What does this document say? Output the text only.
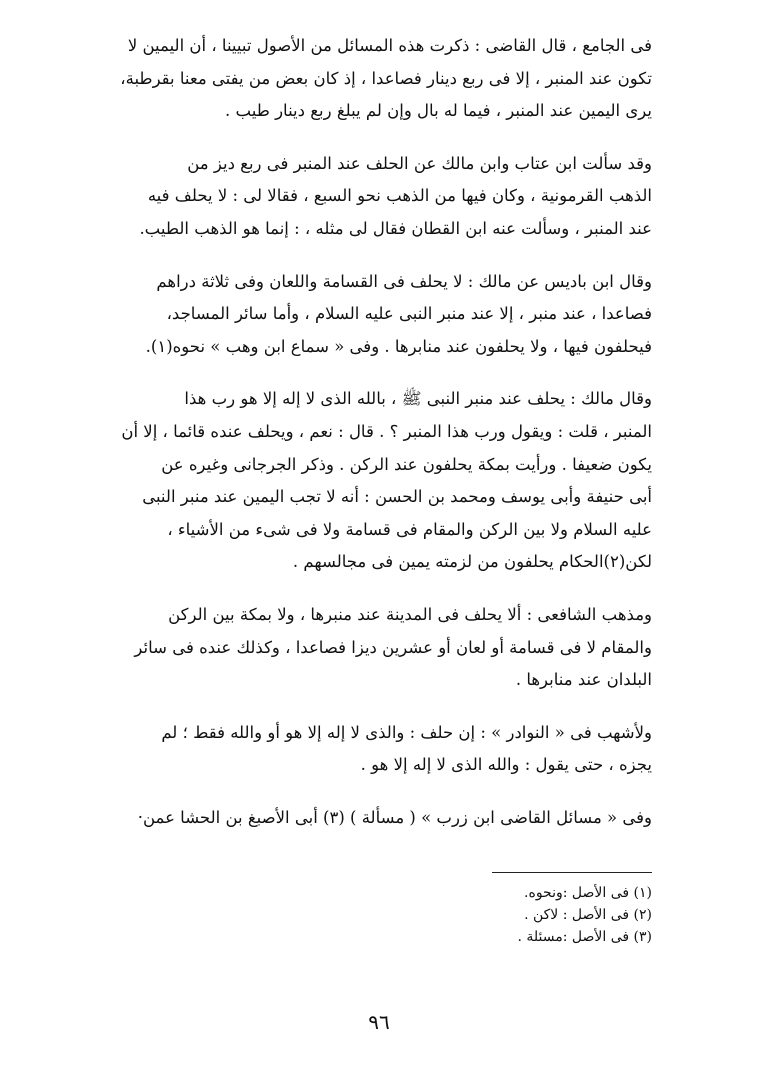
فى الجامع ، قال القاضى : ذكرت هذه المسائل من الأصول تبيينا ، أن اليمين لا
تكون عند المنبر ، إلا فى ربع دينار فصاعدا ، إذ كان بعض من يفتى معنا بقرطبة،
يرى اليمين عند المنبر ، فيما له بال وإن لم يبلغ ربع دينار طيب .
وقد سألت ابن عتاب وابن مالك عن الحلف عند المنبر فى ربع ديز من
الذهب القرمونية ، وكان فيها من الذهب نحو السبع ، فقالا لى : لا يحلف فيه
عند المنبر ، وسألت عنه ابن القطان فقال لى مثله ، : إنما هو الذهب الطيب.
وقال ابن باديس عن مالك : لا يحلف فى القسامة واللعان وفى ثلاثة دراهم
فصاعدا ، عند منبر ، إلا عند منبر النبى عليه السلام ، وأما سائر المساجد،
فيحلفون فيها ، ولا يحلفون عند منابرها . وفى « سماع ابن وهب » نحوه(١).
وقال مالك : يحلف عند منبر النبى ﷺ ، بالله الذى لا إله إلا هو رب هذا
المنبر ، قلت : ويقول ورب هذا المنبر ؟ . قال : نعم ، ويحلف عنده قائما ، إلا أن
يكون ضعيفا . ورأيت بمكة يحلفون عند الركن . وذكر الجرجانى وغيره عن
أبى حنيفة وأبى يوسف ومحمد بن الحسن : أنه لا تجب اليمين عند منبر النبى
عليه السلام ولا بين الركن والمقام فى قسامة ولا فى شىء من الأشياء ،
لكن(٢)الحكام يحلفون من لزمته يمين فى مجالسهم .
ومذهب الشافعى : ألا يحلف فى المدينة عند منبرها ، ولا بمكة بين الركن
والمقام لا فى قسامة أو لعان أو عشرين ديزا فصاعدا ، وكذلك عنده فى سائر
البلدان عند منابرها .
ولأشهب فى « النوادر » : إن حلف : والذى لا إله إلا هو أو والله فقط ؛ لم
يجزه ، حتى يقول : والله الذى لا إله إلا هو .
وفى « مسائل القاضى ابن زرب » ( مسألة ) (٣) أبى الأصبغ بن الحشا عمن·
(١) فى الأصل :ونحوه.
(٢) فى الأصل : لاكن .
(٣) فى الأصل :مسئلة .
٩٦
